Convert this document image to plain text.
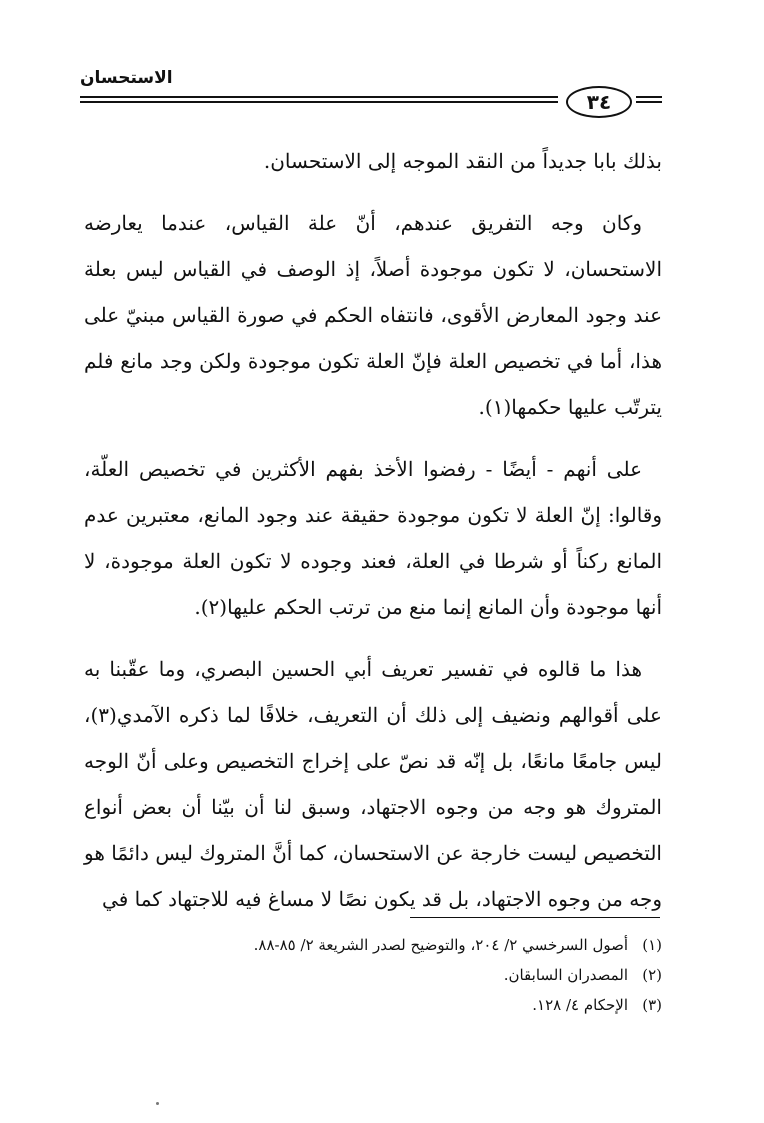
الاستحسان
٣٤
بذلك بابا جديداً من النقد الموجه إلى الاستحسان.
وكان وجه التفريق عندهم، أنّ علة القياس، عندما يعارضه الاستحسان، لا تكون موجودة أصلاً، إذ الوصف في القياس ليس بعلة عند وجود المعارض الأقوى، فانتفاه الحكم في صورة القياس مبنيّ على هذا، أما في تخصيص العلة فإنّ العلة تكون موجودة ولكن وجد مانع فلم يترتّب عليها حكمها(١).
على أنهم - أيضًا - رفضوا الأخذ بفهم الأكثرين في تخصيص العلّة، وقالوا: إنّ العلة لا تكون موجودة حقيقة عند وجود المانع، معتبرين عدم المانع ركناً أو شرطا في العلة، فعند وجوده لا تكون العلة موجودة، لا أنها موجودة وأن المانع إنما منع من ترتب الحكم عليها(٢).
هذا ما قالوه في تفسير تعريف أبي الحسين البصري، وما عقّبنا به على أقوالهم ونضيف إلى ذلك أن التعريف، خلافًا لما ذكره الآمدي(٣)، ليس جامعًا مانعًا، بل إنّه قد نصّ على إخراج التخصيص وعلى أنّ الوجه المتروك هو وجه من وجوه الاجتهاد، وسبق لنا أن بيّنا أن بعض أنواع التخصيص ليست خارجة عن الاستحسان، كما أنَّ المتروك ليس دائمًا هو وجه من وجوه الاجتهاد، بل قد يكون نصًا لا مساغ فيه للاجتهاد كما في
(١)
أصول السرخسي ٢/ ٢٠٤، والتوضيح لصدر الشريعة ٢/ ٨٥-٨٨.
(٢)
المصدران السابقان.
(٣)
الإحكام ٤/ ١٢٨.
